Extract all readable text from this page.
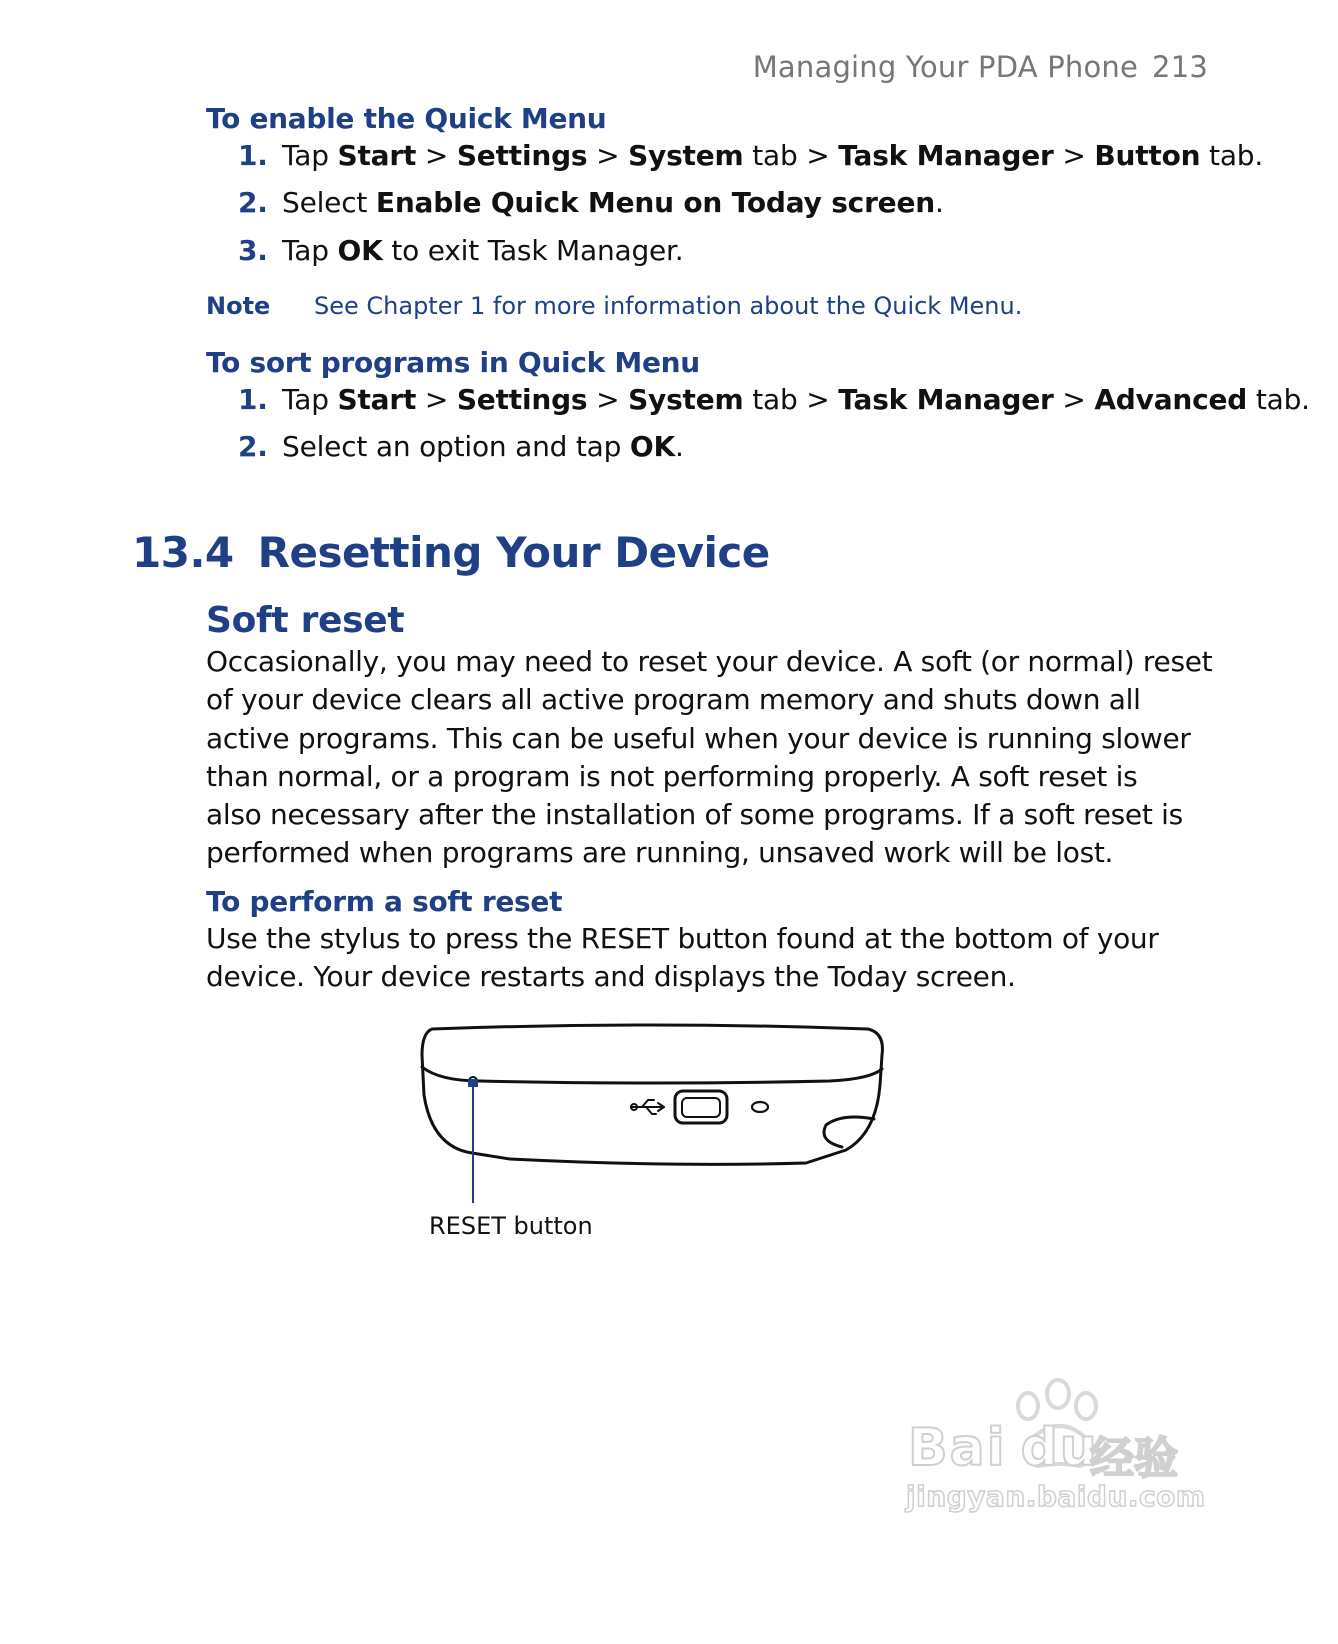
Managing Your PDA Phone 213
To enable the Quick Menu
1. Tap Start > Settings > System tab > Task Manager > Button tab.
2. Select Enable Quick Menu on Today screen.
3. Tap OK to exit Task Manager.
Note See Chapter 1 for more information about the Quick Menu.
To sort programs in Quick Menu
1. Tap Start > Settings > System tab > Task Manager > Advanced tab.
2. Select an option and tap OK.
13.4 Resetting Your Device
Soft reset
Occasionally, you may need to reset your device. A soft (or normal) reset
of your device clears all active program memory and shuts down all
active programs. This can be useful when your device is running slower
than normal, or a program is not performing properly. A soft reset is
also necessary after the installation of some programs. If a soft reset is
performed when programs are running, unsaved work will be lost.
To perform a soft reset
Use the stylus to press the RESET button found at the bottom of your
device. Your device restarts and displays the Today screen.
RESET button
Bai du
经验
jingyan.baidu.com
